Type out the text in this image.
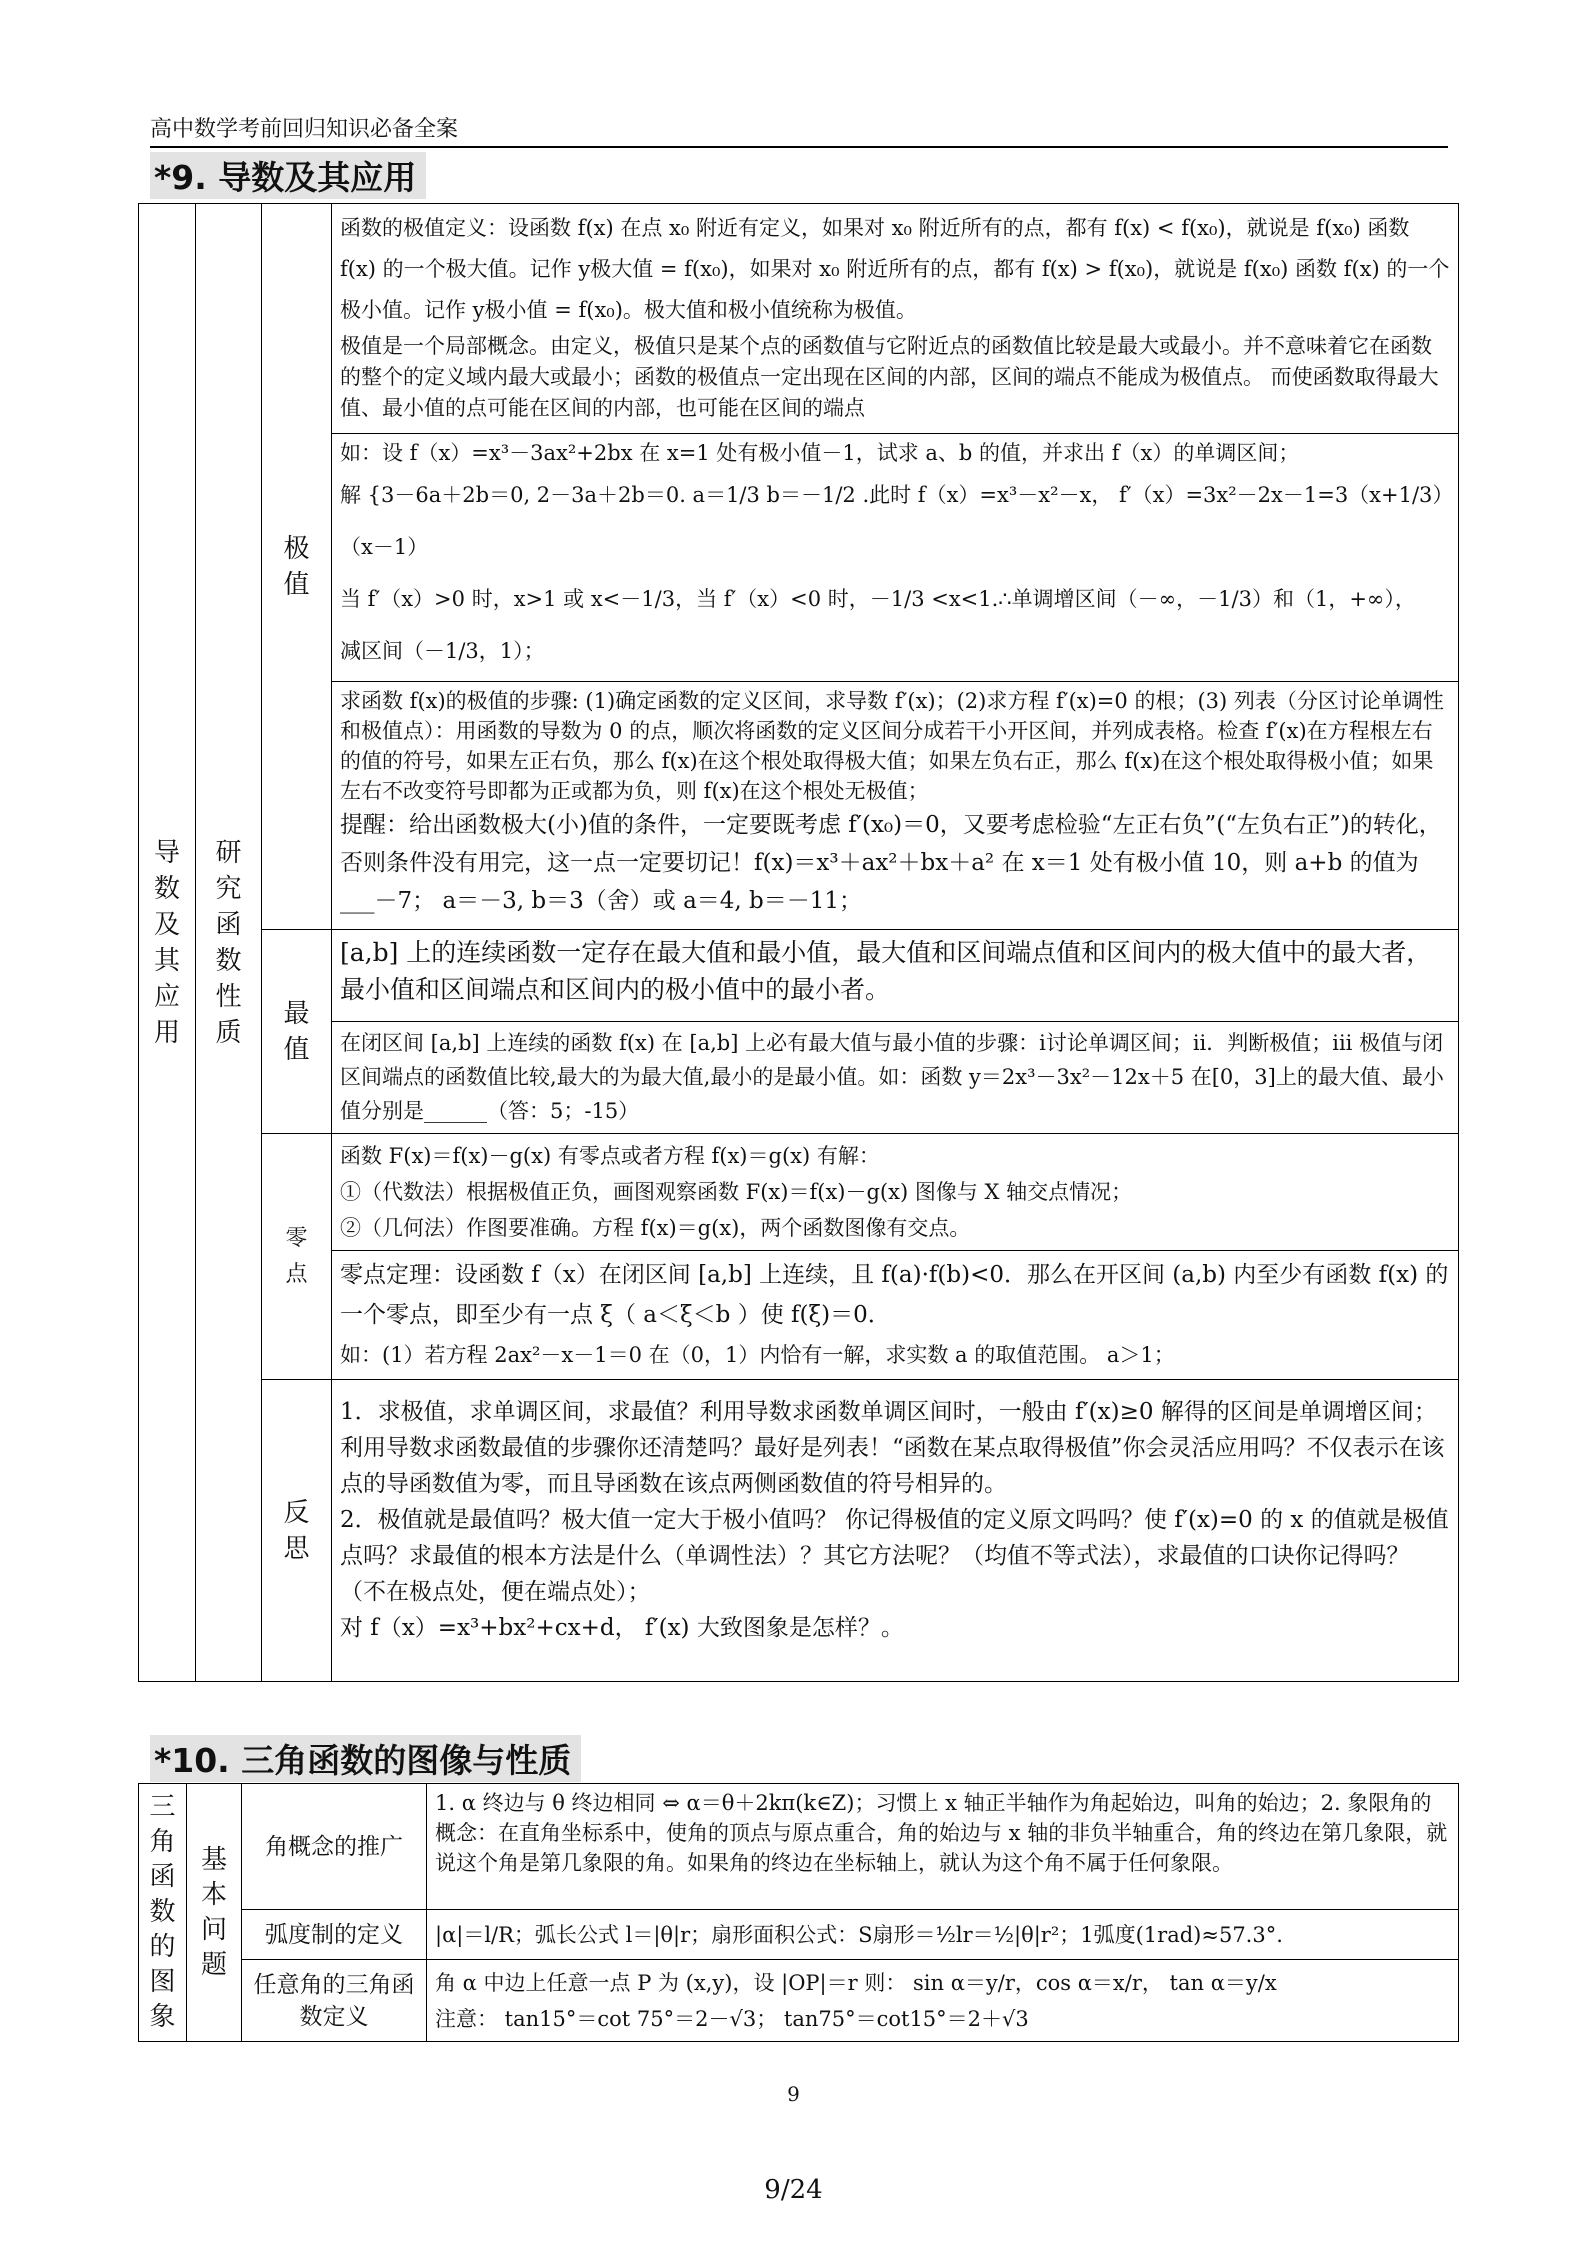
高中数学考前回归知识必备全案
*9. 导数及其应用
导数及其应用	研究函数性质	极值	函数的极值定义：设函数 f(x) 在点 x₀ 附近有定义，如果对 x₀ 附近所有的点，都有 f(x) < f(x₀)，就说是 f(x₀) 函数 f(x) 的一个极大值。记作 y极大值 = f(x₀)，如果对 x₀ 附近所有的点，都有 f(x) > f(x₀)，就说是 f(x₀) 函数 f(x) 的一个极小值。记作 y极小值 = f(x₀)。极大值和极小值统称为极值。

极值是一个局部概念。由定义，极值只是某个点的函数值与它附近点的函数值比较是最大或最小。并不意味着它在函数的整个的定义域内最大或最小；函数的极值点一定出现在区间的内部，区间的端点不能成为极值点。 而使函数取得最大值、最小值的点可能在区间的内部，也可能在区间的端点

			如：设 f（x）=x³－3ax²+2bx 在 x=1 处有极小值－1，试求 a、b 的值，并求出 f（x）的单调区间；

解 {3－6a＋2b＝0, 2－3a＋2b＝0. a＝1/3 b＝－1/2 .此时 f（x）=x³－x²－x， f′（x）=3x²－2x－1=3（x+1/3）（x－1）

当 f′（x）>0 时，x>1 或 x<－1/3，当 f′（x）<0 时，－1/3 <x<1.∴单调增区间（－∞，－1/3）和（1，+∞），

减区间（－1/3，1）；

			求函数 f(x)的极值的步骤: (1)确定函数的定义区间，求导数 f′(x)；(2)求方程 f′(x)=0 的根；(3) 列表（分区讨论单调性和极值点）：用函数的导数为 0 的点，顺次将函数的定义区间分成若干小开区间，并列成表格。检查 f′(x)在方程根左右的值的符号，如果左正右负，那么 f(x)在这个根处取得极大值；如果左负右正，那么 f(x)在这个根处取得极小值；如果左右不改变符号即都为正或都为负，则 f(x)在这个根处无极值；

提醒：给出函数极大(小)值的条件，一定要既考虑 f′(x₀)＝0，又要考虑检验“左正右负”(“左负右正”)的转化，否则条件没有用完，这一点一定要切记！f(x)＝x³＋ax²＋bx＋a² 在 x＝1 处有极小值 10，则 a+b 的值为___－7； a＝－3, b＝3（舍）或 a＝4, b＝－11；

		最值	[a,b] 上的连续函数一定存在最大值和最小值，最大值和区间端点值和区间内的极大值中的最大者，最小值和区间端点和区间内的极小值中的最小者。

			在闭区间 [a,b] 上连续的函数 f(x) 在 [a,b] 上必有最大值与最小值的步骤：i讨论单调区间；ii．判断极值；iii 极值与闭区间端点的函数值比较,最大的为最大值,最小的是最小值。如：函数 y＝2x³－3x²－12x＋5 在[0，3]上的最大值、最小值分别是______（答：5；-15）

		零点	函数 F(x)＝f(x)－g(x) 有零点或者方程 f(x)＝g(x) 有解：

①（代数法）根据极值正负，画图观察函数 F(x)＝f(x)－g(x) 图像与 X 轴交点情况；

②（几何法）作图要准确。方程 f(x)＝g(x)，两个函数图像有交点。

			零点定理：设函数 f（x）在闭区间 [a,b] 上连续，且 f(a)·f(b)<0．那么在开区间 (a,b) 内至少有函数 f(x) 的一个零点，即至少有一点 ξ（ a＜ξ＜b ）使 f(ξ)＝0．

如：(1）若方程 2ax²－x－1＝0 在（0，1）内恰有一解，求实数 a 的取值范围。 a＞1；

		反思	1．求极值，求单调区间，求最值？利用导数求函数单调区间时，一般由 f′(x)≥0 解得的区间是单调增区间；利用导数求函数最值的步骤你还清楚吗？最好是列表！“函数在某点取得极值”你会灵活应用吗？不仅表示在该点的导函数值为零，而且导函数在该点两侧函数值的符号相异的。

2．极值就是最值吗？极大值一定大于极小值吗？ 你记得极值的定义原文吗吗？使 f′(x)=0 的 x 的值就是极值点吗？求最值的根本方法是什么（单调性法）？其它方法呢？（均值不等式法），求最值的口诀你记得吗？（不在极点处，便在端点处）；

对 f（x）=x³+bx²+cx+d， f′(x) 大致图象是怎样？。

*10. 三角函数的图像与性质
三角函数的图象	基本问题	角概念的推广	1. α 终边与 θ 终边相同 ⇔ α＝θ＋2kπ(k∈Z)；习惯上 x 轴正半轴作为角起始边，叫角的始边；2. 象限角的概念：在直角坐标系中，使角的顶点与原点重合，角的始边与 x 轴的非负半轴重合，角的终边在第几象限，就说这个角是第几象限的角。如果角的终边在坐标轴上，就认为这个角不属于任何象限。

		弧度制的定义	|α|＝l/R；弧长公式 l＝|θ|r；扇形面积公式：S扇形＝½lr＝½|θ|r²；1弧度(1rad)≈57.3°.

		任意角的三角函数定义	角 α 中边上任意一点 P 为 (x,y)，设 |OP|＝r 则： sin α＝y/r，cos α＝x/r， tan α＝y/x

注意： tan15°＝cot 75°＝2－√3； tan75°＝cot15°＝2＋√3

9
9/24
